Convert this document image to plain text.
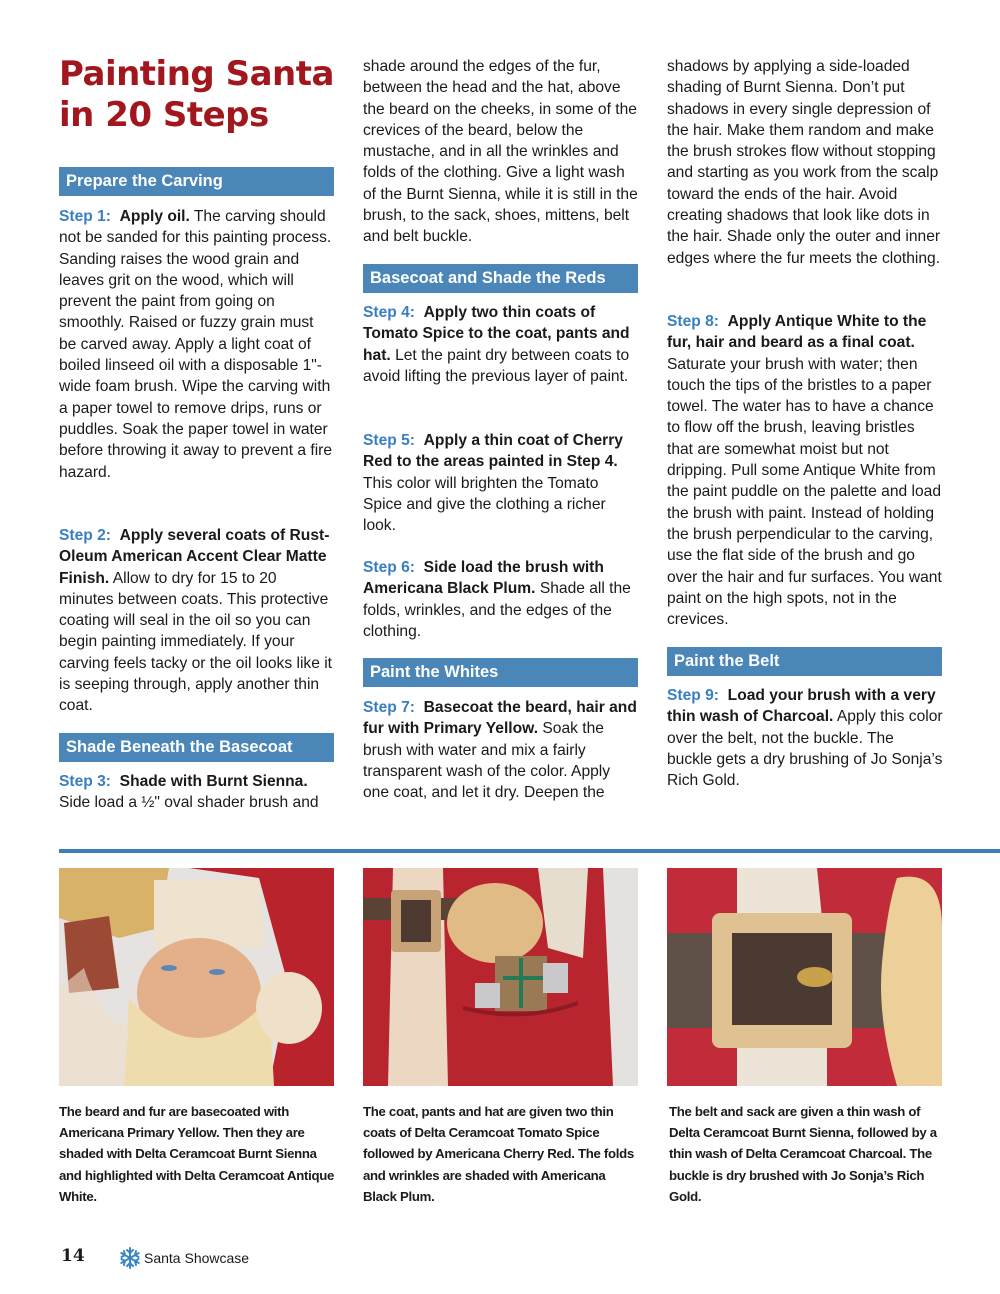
Painting Santa
in 20 Steps
Prepare the Carving

Step 1: Apply oil. The carving should not be sanded for this painting process. Sanding raises the wood grain and leaves grit on the wood, which will prevent the paint from going on smoothly. Raised or fuzzy grain must be carved away. Apply a light coat of boiled linseed oil with a disposable 1"-wide foam brush. Wipe the carving with a paper towel to remove drips, runs or puddles. Soak the paper towel in water before throwing it away to prevent a fire hazard.

Step 2: Apply several coats of Rust-Oleum American Accent Clear Matte Finish. Allow to dry for 15 to 20 minutes between coats. This protective coating will seal in the oil so you can begin painting immediately. If your carving feels tacky or the oil looks like it is seeping through, apply another thin coat.

Shade Beneath the Basecoat

Step 3: Shade with Burnt Sienna. Side load a ½" oval shader brush and

shade around the edges of the fur, between the head and the hat, above the beard on the cheeks, in some of the crevices of the beard, below the mustache, and in all the wrinkles and folds of the clothing. Give a light wash of the Burnt Sienna, while it is still in the brush, to the sack, shoes, mittens, belt and belt buckle.

Basecoat and Shade the Reds

Step 4: Apply two thin coats of Tomato Spice to the coat, pants and hat. Let the paint dry between coats to avoid lifting the previous layer of paint.

Step 5: Apply a thin coat of Cherry Red to the areas painted in Step 4. This color will brighten the Tomato Spice and give the clothing a richer look.

Step 6: Side load the brush with Americana Black Plum. Shade all the folds, wrinkles, and the edges of the clothing.

Paint the Whites

Step 7: Basecoat the beard, hair and fur with Primary Yellow. Soak the brush with water and mix a fairly transparent wash of the color. Apply one coat, and let it dry. Deepen the

shadows by applying a side-loaded shading of Burnt Sienna. Don’t put shadows in every single depression of the hair. Make them random and make the brush strokes flow without stopping and starting as you work from the scalp toward the ends of the hair. Avoid creating shadows that look like dots in the hair. Shade only the outer and inner edges where the fur meets the clothing.

Step 8: Apply Antique White to the fur, hair and beard as a final coat. Saturate your brush with water; then touch the tips of the bristles to a paper towel. The water has to have a chance to flow off the brush, leaving bristles that are somewhat moist but not dripping. Pull some Antique White from the paint puddle on the palette and load the brush with paint. Instead of holding the brush perpendicular to the carving, use the flat side of the brush and go over the hair and fur surfaces. You want paint on the high spots, not in the crevices.

Paint the Belt

Step 9: Load your brush with a very thin wash of Charcoal. Apply this color over the belt, not the buckle. The buckle gets a dry brushing of Jo Sonja’s Rich Gold.

The beard and fur are basecoated with Americana Primary Yellow. Then they are shaded with Delta Ceramcoat Burnt Sienna and highlighted with Delta Ceramcoat Antique White.
The coat, pants and hat are given two thin coats of Delta Ceramcoat Tomato Spice followed by Americana Cherry Red. The folds and wrinkles are shaded with Americana Black Plum.
The belt and sack are given a thin wash of Delta Ceramcoat Burnt Sienna, followed by a thin wash of Delta Ceramcoat Charcoal. The buckle is dry brushed with Jo Sonja’s Rich Gold.
14	Santa Showcase
